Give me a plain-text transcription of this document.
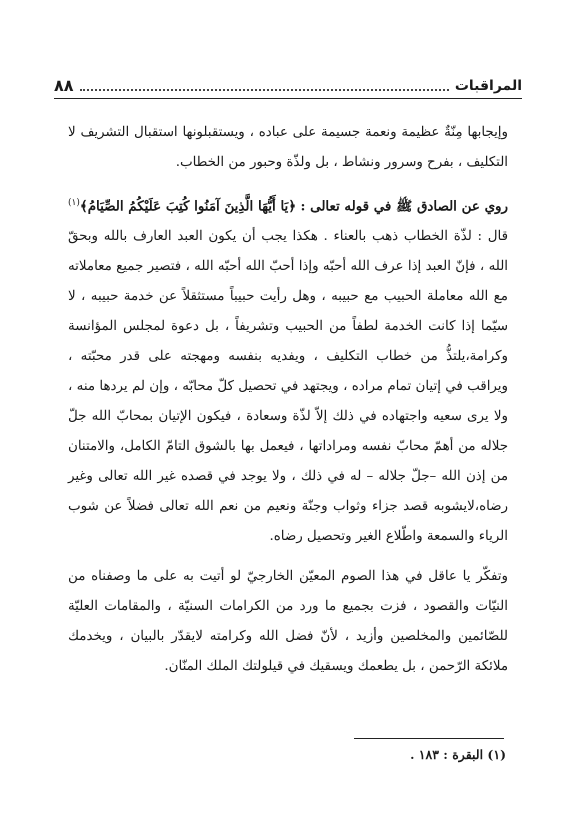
المراقبات
٨٨

وإيجابها مِنّةٌ عظيمة ونعمة جسيمة على عباده ، ويستقبلونها استقبال التشريف لا التكليف ، بفرح وسرور ونشاط ، بل ولذّة وحبور من الخطاب.

روي عن الصادق ﷺ في قوله تعالى : ﴿يَا أَيُّهَا الَّذِينَ آمَنُوا كُتِبَ عَلَيْكُمُ الصِّيَامُ﴾$^{(١)}$ قال : لذّة الخطاب ذهب بالعناء . هكذا يجب أن يكون العبد العارف بالله وبحقّ الله ، فإنّ العبد إذا عرف الله أحبّه وإذا أحبّ الله أحبّه الله ، فتصير جميع معاملاته مع الله معاملة الحبيب مع حبيبه ، وهل رأيت حبيباً مستثقلاً عن خدمة حبيبه ، لا سيّما إذا كانت الخدمة لطفاً من الحبيب وتشريفاً ، بل دعوة لمجلس المؤانسة وكرامة،يلتذُّ من خطاب التكليف ، ويفديه بنفسه ومهجته على قدر محبّته ، ويراقب في إتيان تمام مراده ، ويجتهد في تحصيل كلّ محابّه ، وإن لم يردها منه ، ولا يرى سعيه واجتهاده في ذلك إلاّ لذّة وسعادة ، فيكون الإتيان بمحابّ الله جلّ جلاله من أهمّ محابّ نفسه ومراداتها ، فيعمل بها بالشوق التامّ الكامل، والامتنان من إذن الله –جلّ جلاله – له في ذلك ، ولا يوجد في قصده غير الله تعالى وغير رضاه،لايشوبه قصد جزاء وثواب وجنّة ونعيم من نعم الله تعالى فضلاً عن شوب الرياء والسمعة واطّلاع الغير وتحصيل رضاه.

وتفكّر يا عاقل في هذا الصوم المعيّن الخارجيّ لو أتيت به على ما وصفناه من النيّات والقصود ، فزت بجميع ما ورد من الكرامات السنيّة ، والمقامات العليّة للصّائمين والمخلصين وأزيد ، لأنّ فضل الله وكرامته لايقدّر بالبيان ، ويخدمك ملائكة الرّحمن ، بل يطعمك ويسقيك في قيلولتك الملك المنّان.

(١) البقرة : ١٨٣ .
